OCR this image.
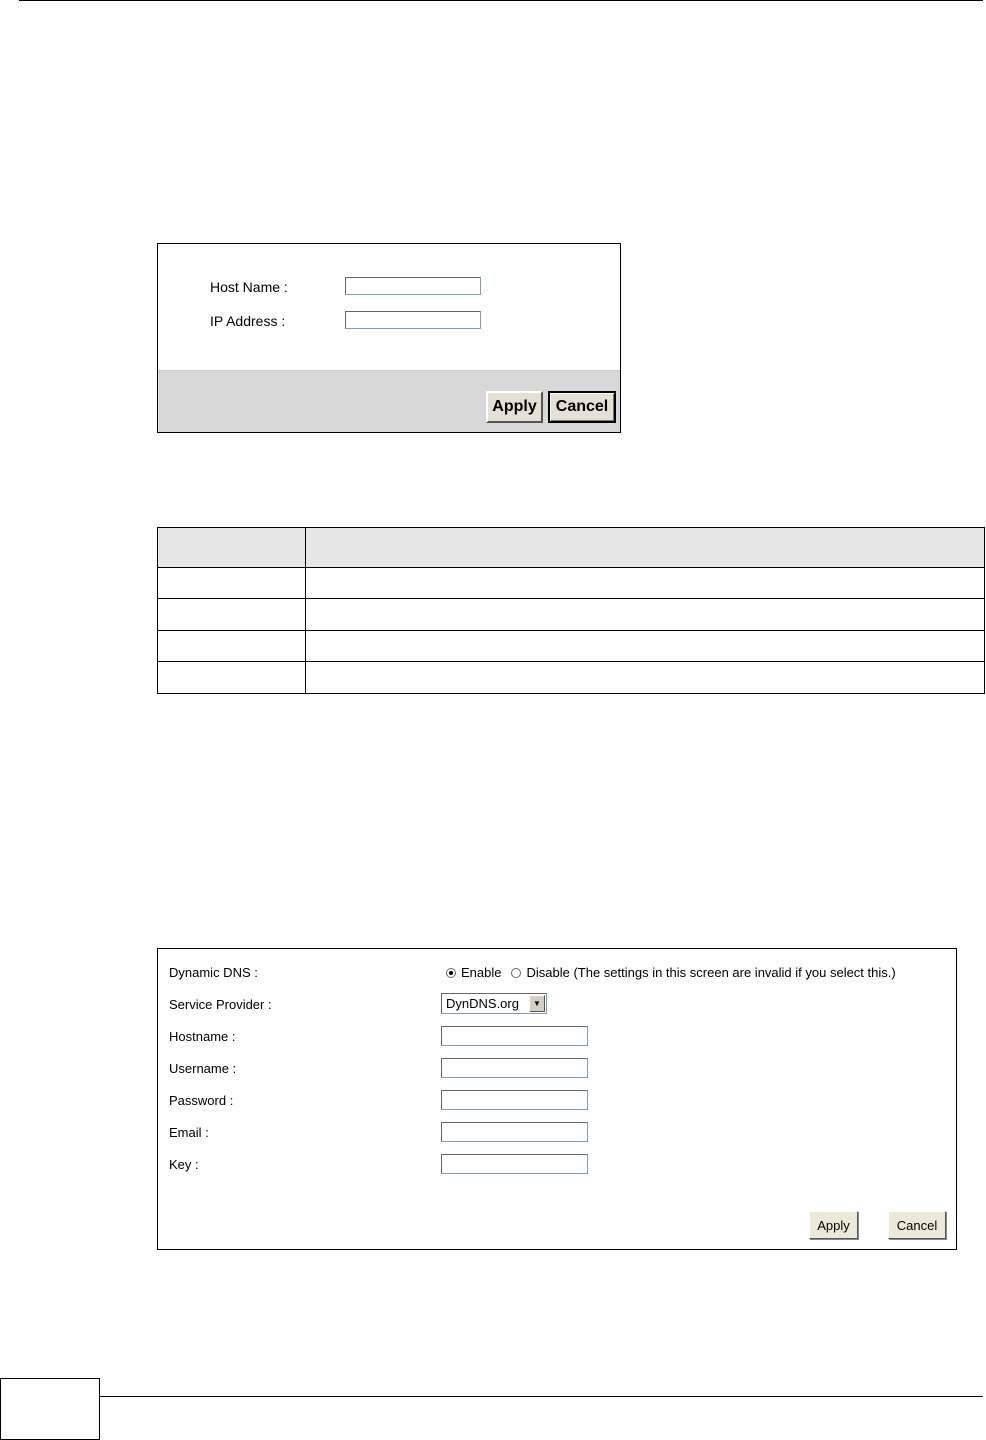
Host Name :
IP Address :
Apply	Cancel

Dynamic DNS :	Enable Disable (The settings in this screen are invalid if you select this.)
Service Provider :	DynDNS.org	▼
Hostname :
Username :
Password :
Email :
Key :
Apply	Cancel
